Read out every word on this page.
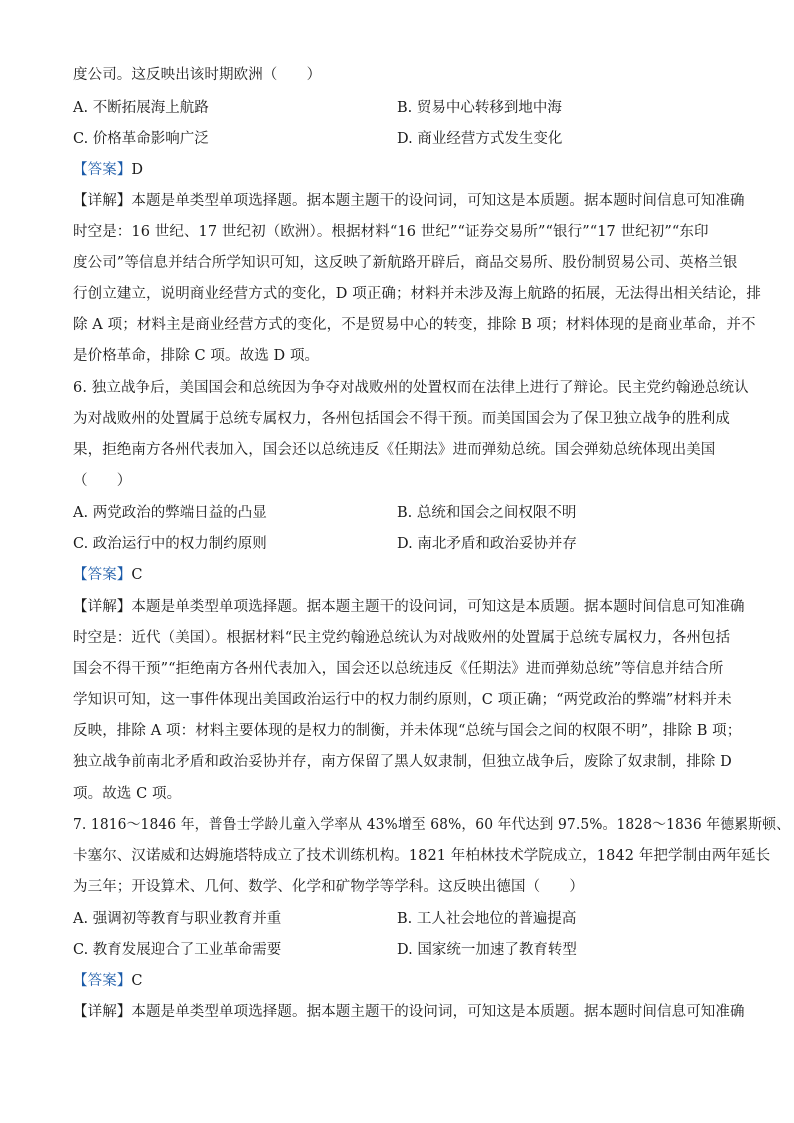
度公司。这反映出该时期欧洲（　　）
A. 不断拓展海上航路	B. 贸易中心转移到地中海
C. 价格革命影响广泛	D. 商业经营方式发生变化
【答案】D
【详解】本题是单类型单项选择题。据本题主题干的设问词，可知这是本质题。据本题时间信息可知准确
时空是：16 世纪、17 世纪初（欧洲）。根据材料“16 世纪”“证券交易所”“银行”“17 世纪初”“东印
度公司”等信息并结合所学知识可知，这反映了新航路开辟后，商品交易所、股份制贸易公司、英格兰银
行创立建立，说明商业经营方式的变化，D 项正确；材料并未涉及海上航路的拓展，无法得出相关结论，排
除 A 项；材料主是商业经营方式的变化，不是贸易中心的转变，排除 B 项；材料体现的是商业革命，并不
是价格革命，排除 C 项。故选 D 项。
6. 独立战争后，美国国会和总统因为争夺对战败州的处置权而在法律上进行了辩论。民主党约翰逊总统认
为对战败州的处置属于总统专属权力，各州包括国会不得干预。而美国国会为了保卫独立战争的胜利成
果，拒绝南方各州代表加入，国会还以总统违反《任期法》进而弹劾总统。国会弹劾总统体现出美国
（　　）
A. 两党政治的弊端日益的凸显	B. 总统和国会之间权限不明
C. 政治运行中的权力制约原则	D. 南北矛盾和政治妥协并存
【答案】C
【详解】本题是单类型单项选择题。据本题主题干的设问词，可知这是本质题。据本题时间信息可知准确
时空是：近代（美国）。根据材料“民主党约翰逊总统认为对战败州的处置属于总统专属权力，各州包括
国会不得干预”“拒绝南方各州代表加入，国会还以总统违反《任期法》进而弹劾总统”等信息并结合所
学知识可知，这一事件体现出美国政治运行中的权力制约原则，C 项正确；“两党政治的弊端”材料并未
反映，排除 A 项：材料主要体现的是权力的制衡，并未体现“总统与国会之间的权限不明”，排除 B 项；
独立战争前南北矛盾和政治妥协并存，南方保留了黑人奴隶制，但独立战争后，废除了奴隶制，排除 D
项。故选 C 项。
7. 1816～1846 年，普鲁士学龄儿童入学率从 43%增至 68%，60 年代达到 97.5%。1828～1836 年德累斯顿、
卡塞尔、汉诺威和达姆施塔特成立了技术训练机构。1821 年柏林技术学院成立，1842 年把学制由两年延长
为三年；开设算术、几何、数学、化学和矿物学等学科。这反映出德国（　　）
A. 强调初等教育与职业教育并重	B. 工人社会地位的普遍提高
C. 教育发展迎合了工业革命需要	D. 国家统一加速了教育转型
【答案】C
【详解】本题是单类型单项选择题。据本题主题干的设问词，可知这是本质题。据本题时间信息可知准确
